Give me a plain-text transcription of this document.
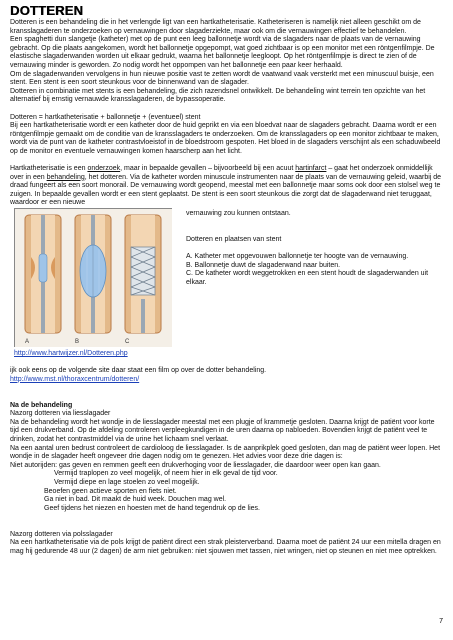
DOTTEREN

Dotteren is een behandeling die in het verlengde ligt van een hartkatheterisatie. Katheteriseren is namelijk niet alleen geschikt om de kransslagaderen te onderzoeken op vernauwingen door slagaderziekte, maar ook om die vernauwingen effectief te behandelen.

Een spaghetti dun slangetje (katheter) met op de punt een leeg ballonnetje wordt via de slagaders naar de plaats van de vernauwing gebracht. Op die plaats aangekomen, wordt het ballonnetje opgepompt, wat goed zichtbaar is op een monitor met een röntgenfilmpje. De elastische slagaderwanden worden uit elkaar gedrukt, waarna het ballonnetje leegloopt. Op het röntgenfilmpje is direct te zien of de vernauwing minder is geworden. Zo nodig wordt het oppompen van het ballonnetje een paar keer herhaald.

Om de slagaderwanden vervolgens in hun nieuwe positie vast te zetten wordt de vaatwand vaak versterkt met een minuscuul buisje, een stent. Een stent is een soort steunkous voor de binnenwand van de slagader.

Dotteren in combinatie met stents is een behandeling, die zich razendsnel ontwikkelt. De behandeling wint terrein ten opzichte van het alternatief bij ernstig vernauwde kransslagaderen, de bypassoperatie.

Dotteren = hartkatheterisatie + ballonnetje + (eventueel) stent

Bij een hartkatheterisatie wordt er een katheter door de huid geprikt en via een bloedvat naar de slagaders gebracht. Daarna wordt er een röntgenfilmpje gemaakt om de conditie van de kransslagaders te onderzoeken. Om de kransslagaders op een monitor zichtbaar te maken, wordt via de punt van de katheter contrastvloeistof in de bloedstroom gespoten. Het bloed in de slagaders verschijnt als een schaduwbeeld op de monitor en eventuele vernauwingen komen haarscherp aan het licht.

Hartkatheterisatie is een onderzoek, maar in bepaalde gevallen – bijvoorbeeld bij een acuut hartinfarct – gaat het onderzoek onmiddellijk over in een behandeling, het dotteren. Via de katheter worden minuscule instrumenten naar de plaats van de vernauwing geleid, waarbij de draad fungeert als een soort monorail. De vernauwing wordt geopend, meestal met een ballonnetje maar soms ook door een stolsel weg te zuigen. In bepaalde gevallen wordt er een stent geplaatst. De stent is een soort steunkous die zorgt dat de slagaderwand niet teruggaat, waardoor er een nieuwe

A	B	C

vernauwing zou kunnen ontstaan.

Dotteren en plaatsen van stent

A. Katheter met opgevouwen ballonnetje ter hoogte van de vernauwing.

B. Ballonnetje duwt de slagaderwand naar buiten.

C. De katheter wordt weggetrokken en een stent houdt de slagaderwanden uit elkaar.

http://www.hartwijzer.nl/Dotteren.php

ijk ook eens op de volgende site daar staat een film op over de dotter behandeling.

http://www.mst.nl/thoraxcentrum/dotteren/

Na de behandeling

Nazorg dotteren via liesslagader

Na de behandeling wordt het wondje in de liesslagader meestal met een plugje of krammetje gesloten. Daarna krijgt de patiënt voor korte tijd een drukverband. Op de afdeling controleren verpleegkundigen in de uren daarna op nabloeden. Bovendien krijgt de patiënt veel te drinken, zodat het contrastmiddel via de urine het lichaam snel verlaat.

Na een aantal uren bedrust controleert de cardioloog de liesslagader. Is de aanprikplek goed gesloten, dan mag de patiënt weer lopen. Het wondje in de slagader heeft ongeveer drie dagen nodig om te genezen. Het advies voor deze drie dagen is:

Niet autorijden: gas geven en remmen geeft een drukverhoging voor de liesslagader, die daardoor weer open kan gaan.

Vermijd traplopen zo veel mogelijk, of neem hier in elk geval de tijd voor.

Vermijd diepe en lage stoelen zo veel mogelijk.

Beoefen geen actieve sporten en fiets niet.

Ga niet in bad. Dit maakt de huid week. Douchen mag wel.

Geef tijdens het niezen en hoesten met de hand tegendruk op de lies.

Nazorg dotteren via polsslagader

Na een hartkatheterisatie via de pols krijgt de patiënt direct een strak pleisterverband. Daarna moet de patiënt 24 uur een mitella dragen en mag hij gedurende 48 uur (2 dagen) de arm niet gebruiken: niet sjouwen met tassen, niet wringen, niet op steunen en niet mee optrekken.

7
